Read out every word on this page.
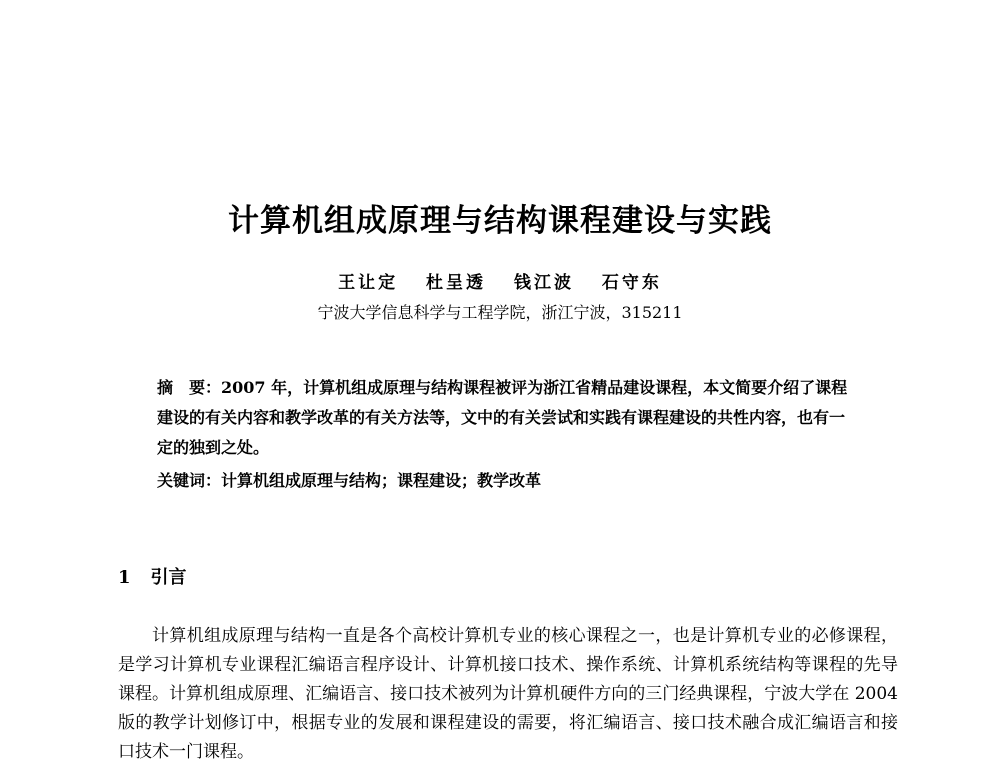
计算机组成原理与结构课程建设与实践
王让定 杜呈透 钱江波 石守东
宁波大学信息科学与工程学院，浙江宁波，315211
摘　要：2007 年，计算机组成原理与结构课程被评为浙江省精品建设课程，本文简要介绍了课程建设的有关内容和教学改革的有关方法等，文中的有关尝试和实践有课程建设的共性内容，也有一定的独到之处。
关键词：计算机组成原理与结构；课程建设；教学改革
1 引言
计算机组成原理与结构一直是各个高校计算机专业的核心课程之一，也是计算机专业的必修课程，是学习计算机专业课程汇编语言程序设计、计算机接口技术、操作系统、计算机系统结构等课程的先导课程。计算机组成原理、汇编语言、接口技术被列为计算机硬件方向的三门经典课程，宁波大学在 2004 版的教学计划修订中，根据专业的发展和课程建设的需要，将汇编语言、接口技术融合成汇编语言和接口技术一门课程。
